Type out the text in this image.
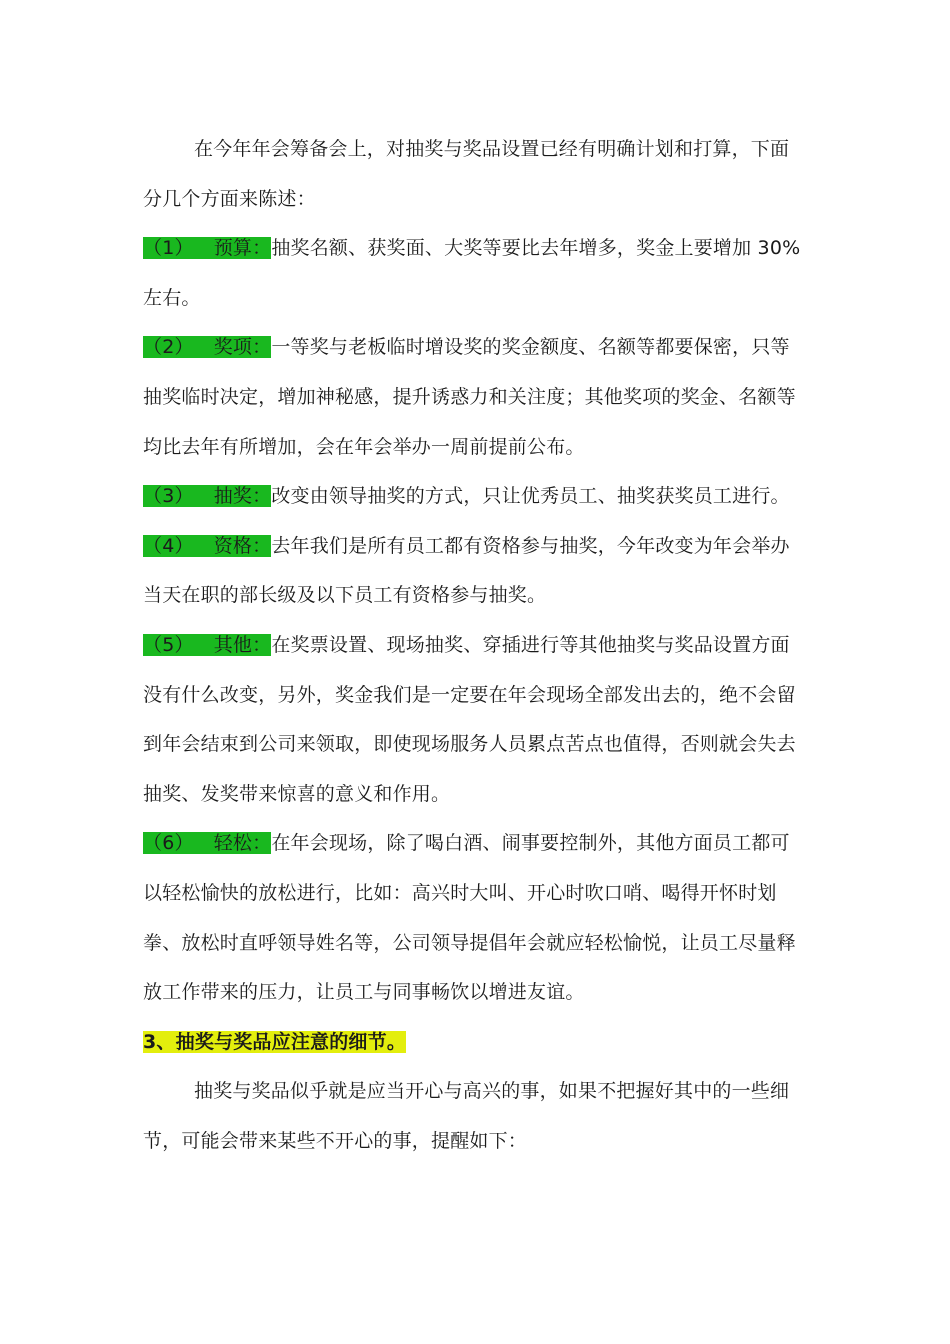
在今年年会筹备会上，对抽奖与奖品设置已经有明确计划和打算，下面分几个方面来陈述：

（1） 预算：抽奖名额、获奖面、大奖等要比去年增多，奖金上要增加 30%左右。

（2） 奖项：一等奖与老板临时增设奖的奖金额度、名额等都要保密，只等抽奖临时决定，增加神秘感，提升诱惑力和关注度；其他奖项的奖金、名额等均比去年有所增加，会在年会举办一周前提前公布。

（3） 抽奖：改变由领导抽奖的方式，只让优秀员工、抽奖获奖员工进行。

（4） 资格：去年我们是所有员工都有资格参与抽奖，今年改变为年会举办当天在职的部长级及以下员工有资格参与抽奖。

（5） 其他：在奖票设置、现场抽奖、穿插进行等其他抽奖与奖品设置方面没有什么改变，另外，奖金我们是一定要在年会现场全部发出去的，绝不会留到年会结束到公司来领取，即使现场服务人员累点苦点也值得，否则就会失去抽奖、发奖带来惊喜的意义和作用。

（6） 轻松：在年会现场，除了喝白酒、闹事要控制外，其他方面员工都可以轻松愉快的放松进行，比如：高兴时大叫、开心时吹口哨、喝得开怀时划拳、放松时直呼领导姓名等，公司领导提倡年会就应轻松愉悦，让员工尽量释放工作带来的压力，让员工与同事畅饮以增进友谊。

3、抽奖与奖品应注意的细节。

抽奖与奖品似乎就是应当开心与高兴的事，如果不把握好其中的一些细节，可能会带来某些不开心的事，提醒如下：
